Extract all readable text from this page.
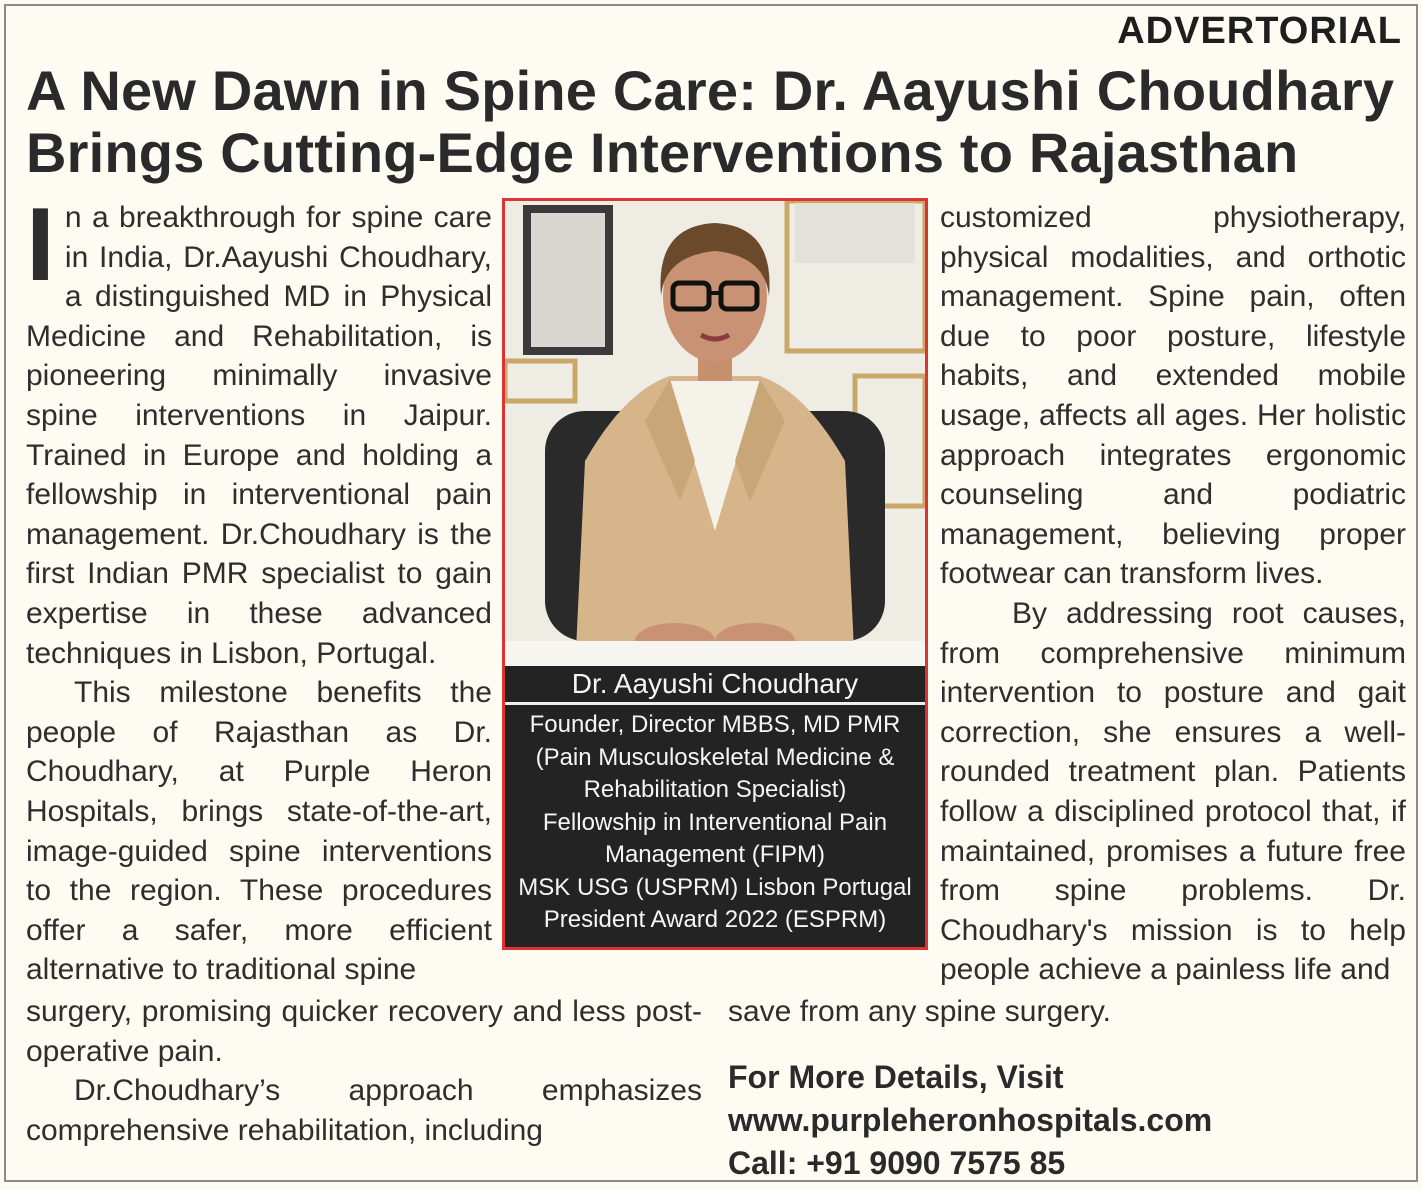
ADVERTORIAL
A New Dawn in Spine Care: Dr. Aayushi Choudhary Brings Cutting-Edge Interventions to Rajasthan

In a breakthrough for spine care in India, Dr.Aayushi Choudhary, a distinguished MD in Physical Medicine and Rehabilitation, is pioneering minimally invasive spine interventions in Jaipur. Trained in Europe and holding a fellowship in interventional pain management. Dr.Choudhary is the first Indian PMR specialist to gain expertise in these advanced techniques in Lisbon, Portugal.

This milestone benefits the people of Rajasthan as Dr. Choudhary, at Purple Heron Hospitals, brings state-of-the-art, image-guided spine interventions to the region. These procedures offer a safer, more efficient alternative to traditional spine

surgery, promising quicker recovery and less post-operative pain.

Dr.Choudhary’s approach emphasizes comprehensive rehabilitation, including

Dr. Aayushi Choudhary
Founder, Director MBBS, MD PMR
(Pain Musculoskeletal Medicine &
Rehabilitation Specialist)
Fellowship in Interventional Pain
Management (FIPM)
MSK USG (USPRM) Lisbon Portugal
President Award 2022 (ESPRM)

customized physiotherapy, physical modalities, and orthotic management. Spine pain, often due to poor posture, lifestyle habits, and extended mobile usage, affects all ages. Her holistic approach integrates ergonomic counseling and podiatric management, believing proper footwear can transform lives.

By addressing root causes, from comprehensive minimum intervention to posture and gait correction, she ensures a well-rounded treatment plan. Patients follow a disciplined protocol that, if maintained, promises a future free from spine problems. Dr. Choudhary's mission is to help people achieve a painless life and

save from any spine surgery.

For More Details, Visit
www.purpleheronhospitals.com
Call: +91 9090 7575 85
